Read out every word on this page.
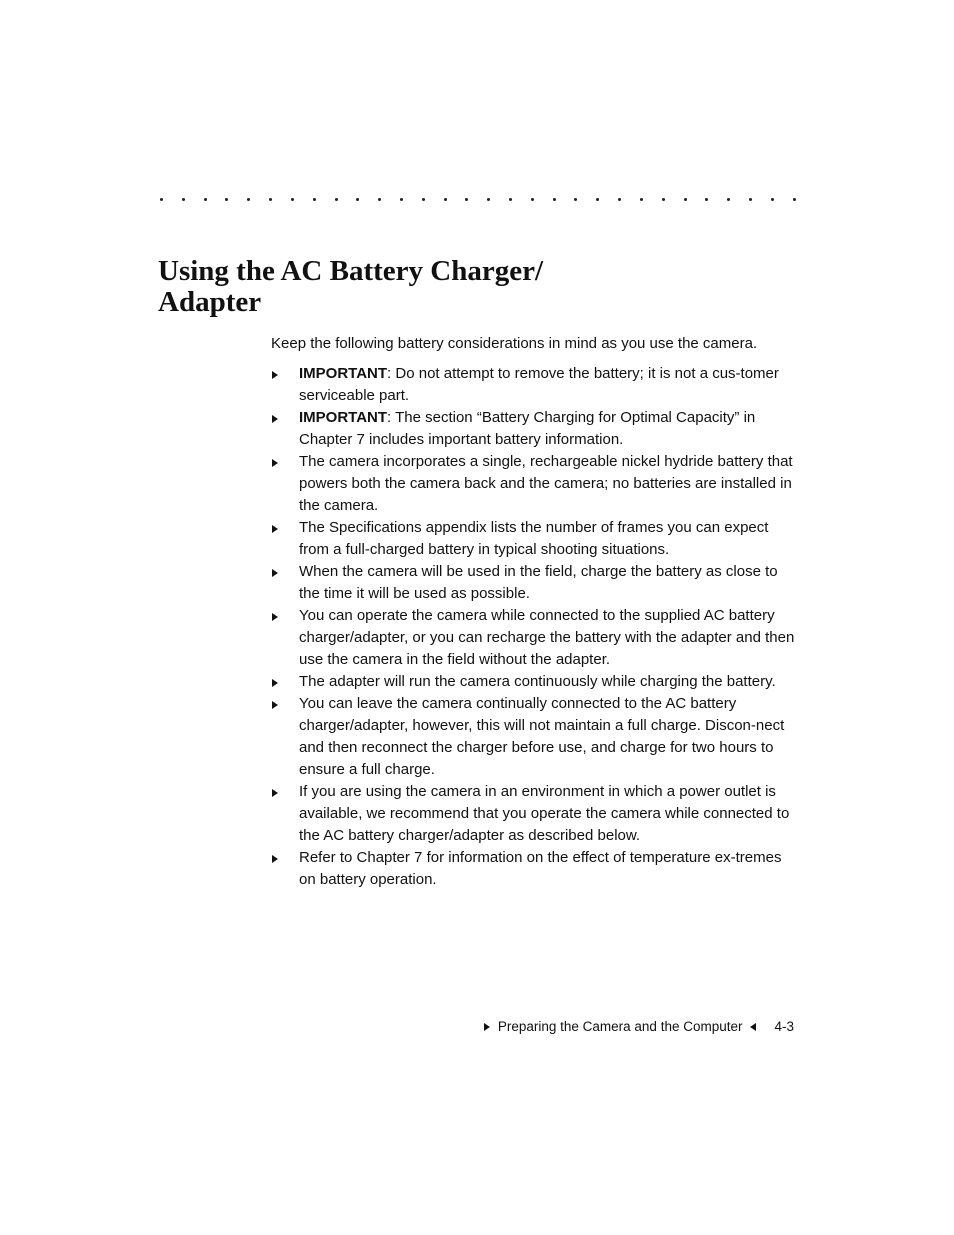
Using the AC Battery Charger/
Adapter

Keep the following battery considerations in mind as you use the camera.

IMPORTANT: Do not attempt to remove the battery; it is not a cus-tomer serviceable part.
IMPORTANT: The section “Battery Charging for Optimal Capacity” in Chapter 7 includes important battery information.
The camera incorporates a single, rechargeable nickel hydride battery that powers both the camera back and the camera; no batteries are installed in the camera.
The Specifications appendix lists the number of frames you can expect from a full-charged battery in typical shooting situations.
When the camera will be used in the field, charge the battery as close to the time it will be used as possible.
You can operate the camera while connected to the supplied AC battery charger/adapter, or you can recharge the battery with the adapter and then use the camera in the field without the adapter.
The adapter will run the camera continuously while charging the battery.
You can leave the camera continually connected to the AC battery charger/adapter, however, this will not maintain a full charge. Discon-nect and then reconnect the charger before use, and charge for two hours to ensure a full charge.
If you are using the camera in an environment in which a power outlet is available, we recommend that you operate the camera while connected to the AC battery charger/adapter as described below.
Refer to Chapter 7 for information on the effect of temperature ex-tremes on battery operation.
Preparing the Camera and the Computer 4-3
